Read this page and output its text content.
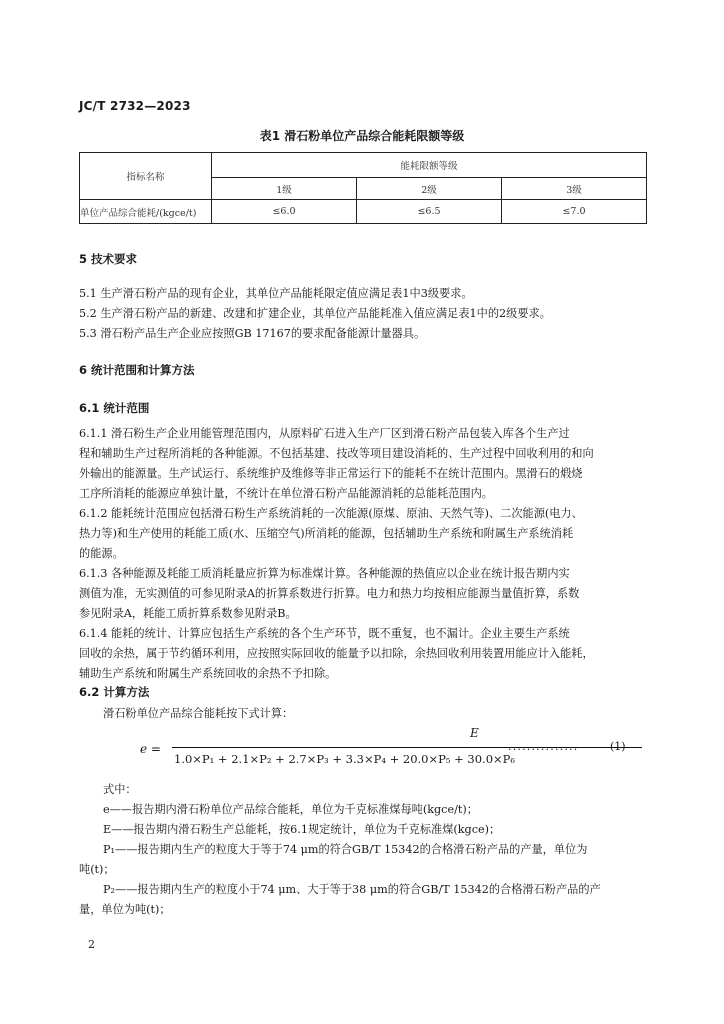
JC/T 2732—2023
表1 滑石粉单位产品综合能耗限额等级
指标名称	能耗限额等级		
	1级	2级	3级
单位产品综合能耗/(kgce/t)	≤6.0	≤6.5	≤7.0
5 技术要求
5.1 生产滑石粉产品的现有企业，其单位产品能耗限定值应满足表1中3级要求。
5.2 生产滑石粉产品的新建、改建和扩建企业，其单位产品能耗准入值应满足表1中的2级要求。
5.3 滑石粉产品生产企业应按照GB 17167的要求配备能源计量器具。
6 统计范围和计算方法
6.1 统计范围
6.1.1 滑石粉生产企业用能管理范围内，从原料矿石进入生产厂区到滑石粉产品包装入库各个生产过
程和辅助生产过程所消耗的各种能源。不包括基建、技改等项目建设消耗的、生产过程中回收利用的和向
外输出的能源量。生产试运行、系统维护及维修等非正常运行下的能耗不在统计范围内。黑滑石的煅烧
工序所消耗的能源应单独计量，不统计在单位滑石粉产品能源消耗的总能耗范围内。
6.1.2 能耗统计范围应包括滑石粉生产系统消耗的一次能源(原煤、原油、天然气等)、二次能源(电力、
热力等)和生产使用的耗能工质(水、压缩空气)所消耗的能源，包括辅助生产系统和附属生产系统消耗
的能源。
6.1.3 各种能源及耗能工质消耗量应折算为标准煤计算。各种能源的热值应以企业在统计报告期内实
测值为准，无实测值的可参见附录A的折算系数进行折算。电力和热力均按相应能源当量值折算，系数
参见附录A，耗能工质折算系数参见附录B。
6.1.4 能耗的统计、计算应包括生产系统的各个生产环节，既不重复，也不漏计。企业主要生产系统
回收的余热，属于节约循环利用，应按照实际回收的能量予以扣除，余热回收利用装置用能应计入能耗，
辅助生产系统和附属生产系统回收的余热不予扣除。
6.2 计算方法
滑石粉单位产品综合能耗按下式计算：
e =
E
1.0×P₁ + 2.1×P₂ + 2.7×P₃ + 3.3×P₄ + 20.0×P₅ + 30.0×P₆
...............	(1)
式中：
e——报告期内滑石粉单位产品综合能耗，单位为千克标准煤每吨(kgce/t)；
E——报告期内滑石粉生产总能耗，按6.1规定统计，单位为千克标准煤(kgce)；
P₁——报告期内生产的粒度大于等于74 μm的符合GB/T 15342的合格滑石粉产品的产量，单位为
吨(t)；
P₂——报告期内生产的粒度小于74 μm、大于等于38 μm的符合GB/T 15342的合格滑石粉产品的产
量，单位为吨(t)；
2
